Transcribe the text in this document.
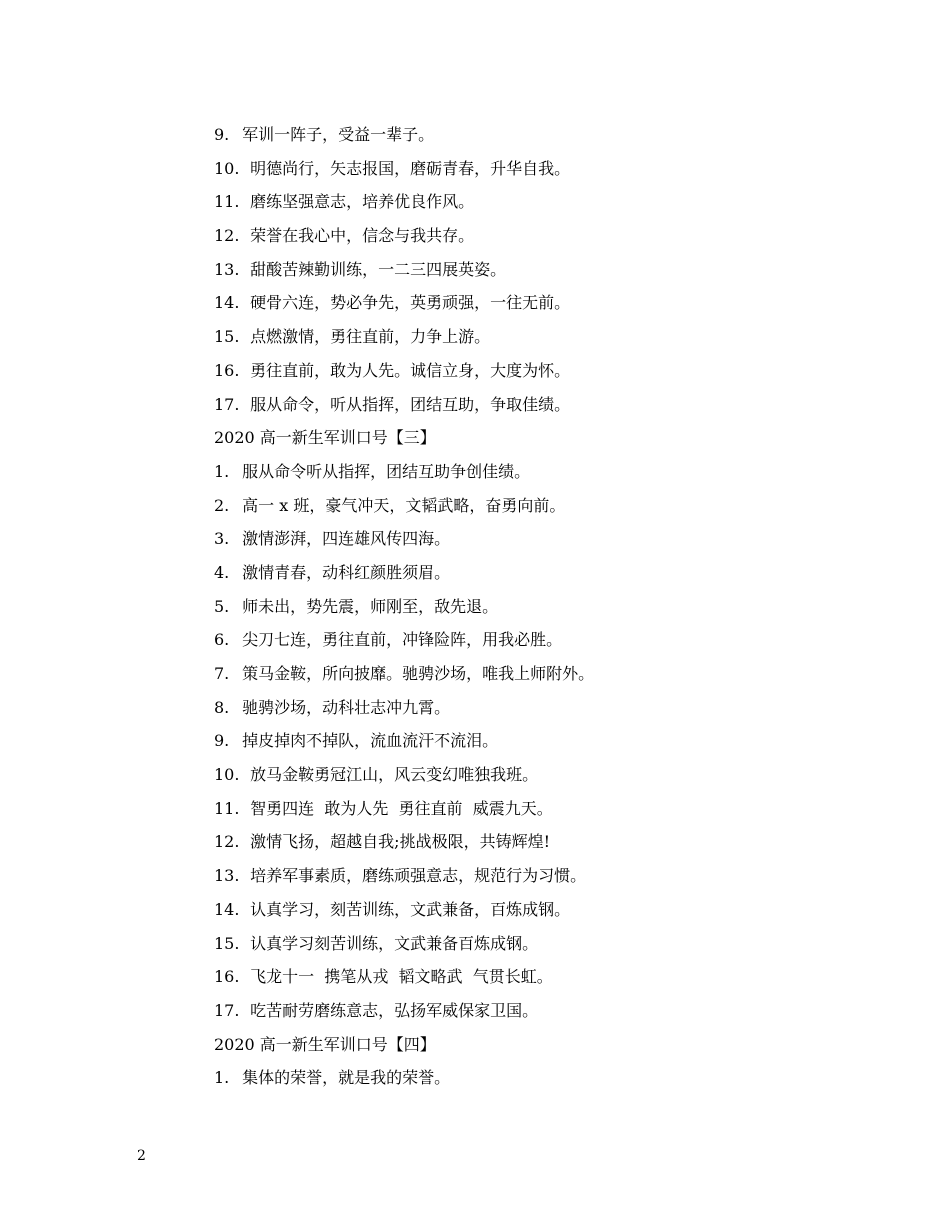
9. 军训一阵子，受益一辈子。
10. 明德尚行，矢志报国，磨砺青春，升华自我。
11. 磨练坚强意志，培养优良作风。
12. 荣誉在我心中，信念与我共存。
13. 甜酸苦辣勤训练，一二三四展英姿。
14. 硬骨六连，势必争先，英勇顽强，一往无前。
15. 点燃激情，勇往直前，力争上游。
16. 勇往直前，敢为人先。诚信立身，大度为怀。
17. 服从命令，听从指挥，团结互助，争取佳绩。
2020 高一新生军训口号【三】
1. 服从命令听从指挥，团结互助争创佳绩。
2. 高一 x 班，豪气冲天，文韬武略，奋勇向前。
3. 激情澎湃，四连雄风传四海。
4. 激情青春，动科红颜胜须眉。
5. 师未出，势先震，师刚至，敌先退。
6. 尖刀七连，勇往直前，冲锋险阵，用我必胜。
7. 策马金鞍，所向披靡。驰骋沙场，唯我上师附外。
8. 驰骋沙场，动科壮志冲九霄。
9. 掉皮掉肉不掉队，流血流汗不流泪。
10. 放马金鞍勇冠江山，风云变幻唯独我班。
11. 智勇四连  敢为人先  勇往直前  威震九天。
12. 激情飞扬，超越自我;挑战极限，共铸辉煌!
13. 培养军事素质，磨练顽强意志，规范行为习惯。
14. 认真学习，刻苦训练，文武兼备，百炼成钢。
15. 认真学习刻苦训练，文武兼备百炼成钢。
16. 飞龙十一  携笔从戎  韬文略武  气贯长虹。
17. 吃苦耐劳磨练意志，弘扬军威保家卫国。
2020 高一新生军训口号【四】
1. 集体的荣誉，就是我的荣誉。
2
